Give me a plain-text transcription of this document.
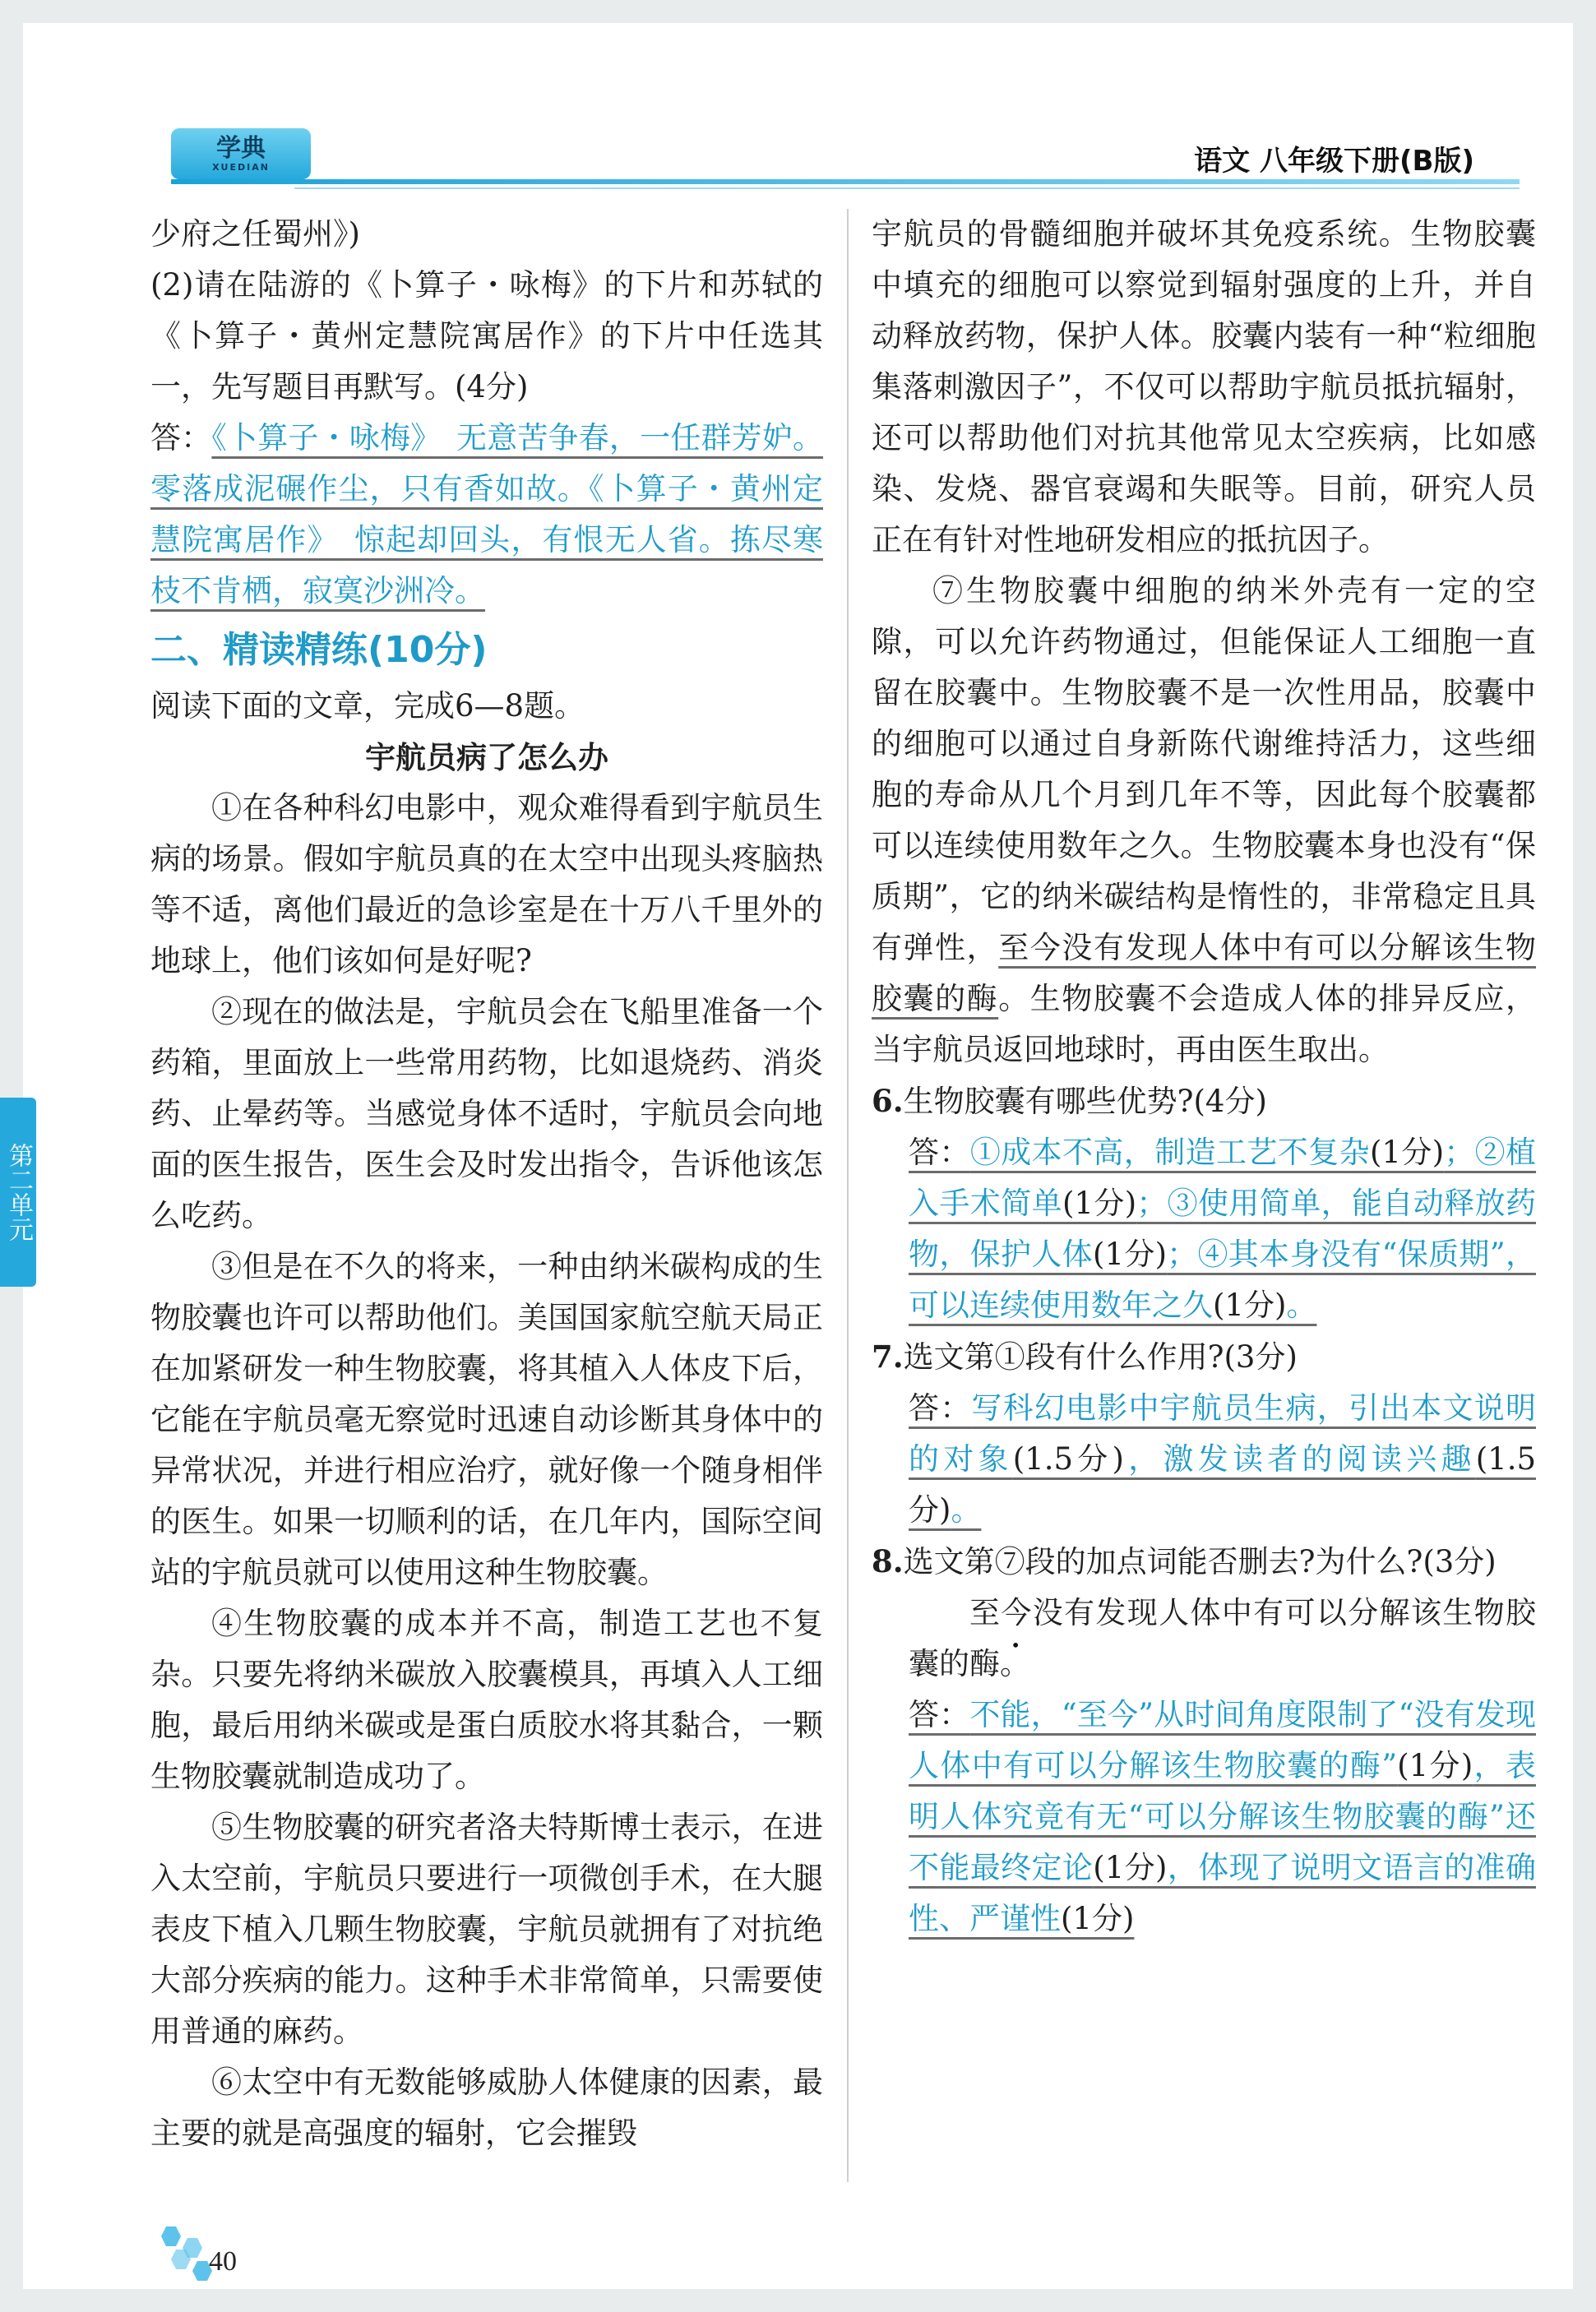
学典
XUEDIAN	语文 八年级下册(B版)

少府之任蜀州》)

(2)请在陆游的《卜算子・咏梅》的下片和苏轼的《卜算子・黄州定慧院寓居作》的下片中任选其一，先写题目再默写。(4分)

答：《卜算子・咏梅》　无意苦争春，一任群芳妒。零落成泥碾作尘，只有香如故。《卜算子・黄州定慧院寓居作》　惊起却回头，有恨无人省。拣尽寒枝不肯栖，寂寞沙洲冷。

二、精读精练(10分)

阅读下面的文章，完成6—8题。

宇航员病了怎么办

①在各种科幻电影中，观众难得看到宇航员生病的场景。假如宇航员真的在太空中出现头疼脑热等不适，离他们最近的急诊室是在十万八千里外的地球上，他们该如何是好呢?

②现在的做法是，宇航员会在飞船里准备一个药箱，里面放上一些常用药物，比如退烧药、消炎药、止晕药等。当感觉身体不适时，宇航员会向地面的医生报告，医生会及时发出指令，告诉他该怎么吃药。

③但是在不久的将来，一种由纳米碳构成的生物胶囊也许可以帮助他们。美国国家航空航天局正在加紧研发一种生物胶囊，将其植入人体皮下后，它能在宇航员毫无察觉时迅速自动诊断其身体中的异常状况，并进行相应治疗，就好像一个随身相伴的医生。如果一切顺利的话，在几年内，国际空间站的宇航员就可以使用这种生物胶囊。

④生物胶囊的成本并不高，制造工艺也不复杂。只要先将纳米碳放入胶囊模具，再填入人工细胞，最后用纳米碳或是蛋白质胶水将其黏合，一颗生物胶囊就制造成功了。

⑤生物胶囊的研究者洛夫特斯博士表示，在进入太空前，宇航员只要进行一项微创手术，在大腿表皮下植入几颗生物胶囊，宇航员就拥有了对抗绝大部分疾病的能力。这种手术非常简单，只需要使用普通的麻药。

⑥太空中有无数能够威胁人体健康的因素，最主要的就是高强度的辐射，它会摧毁

宇航员的骨髓细胞并破坏其免疫系统。生物胶囊中填充的细胞可以察觉到辐射强度的上升，并自动释放药物，保护人体。胶囊内装有一种“粒细胞集落刺激因子”，不仅可以帮助宇航员抵抗辐射，还可以帮助他们对抗其他常见太空疾病，比如感染、发烧、器官衰竭和失眠等。目前，研究人员正在有针对性地研发相应的抵抗因子。

⑦生物胶囊中细胞的纳米外壳有一定的空隙，可以允许药物通过，但能保证人工细胞一直留在胶囊中。生物胶囊不是一次性用品，胶囊中的细胞可以通过自身新陈代谢维持活力，这些细胞的寿命从几个月到几年不等，因此每个胶囊都可以连续使用数年之久。生物胶囊本身也没有“保质期”，它的纳米碳结构是惰性的，非常稳定且具有弹性，至今没有发现人体中有可以分解该生物胶囊的酶。生物胶囊不会造成人体的排异反应，当宇航员返回地球时，再由医生取出。

6.生物胶囊有哪些优势?(4分)

答：①成本不高，制造工艺不复杂(1分)；②植入手术简单(1分)；③使用简单，能自动释放药物，保护人体(1分)；④其本身没有“保质期”，可以连续使用数年之久(1分)。

7.选文第①段有什么作用?(3分)

答：写科幻电影中宇航员生病，引出本文说明的对象(1.5分)，激发读者的阅读兴趣(1.5分)。

8.选文第⑦段的加点词能否删去?为什么?(3分)

至今没有发现人体中有可以分解该生物胶囊的酶。

答：不能，“至今”从时间角度限制了“没有发现人体中有可以分解该生物胶囊的酶”(1分)，表明人体究竟有无“可以分解该生物胶囊的酶”还不能最终定论(1分)，体现了说明文语言的准确性、严谨性(1分)

40
第二单元
